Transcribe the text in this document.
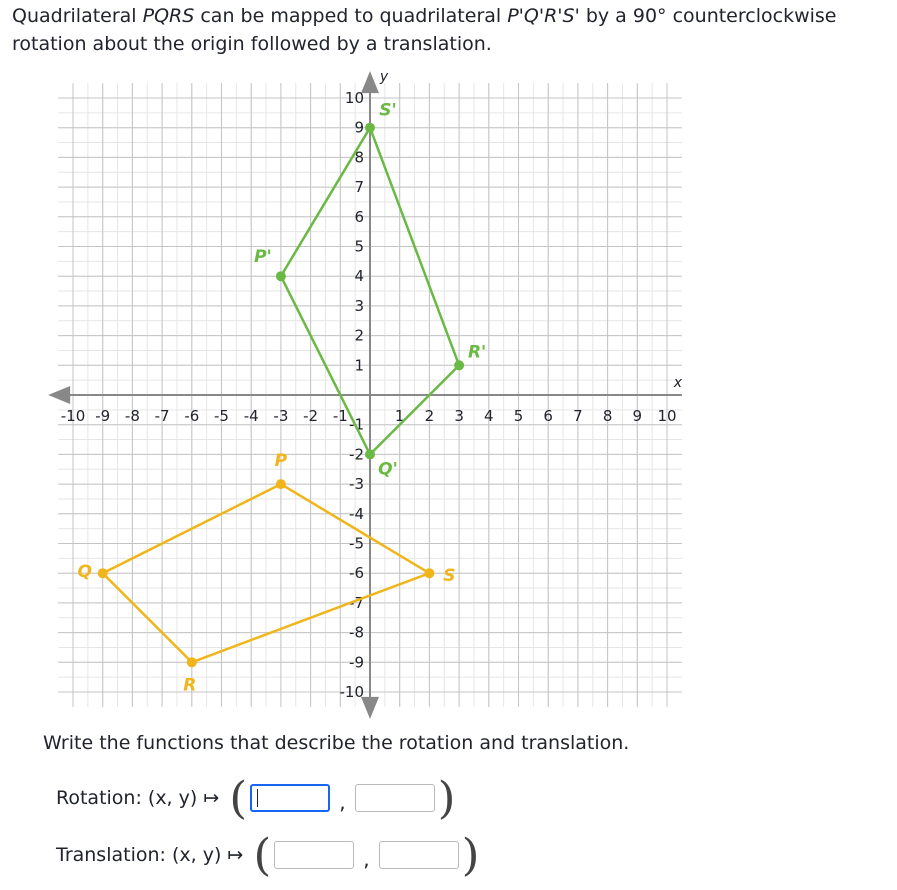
Quadrilateral PQRS can be mapped to quadrilateral P'Q'R'S' by a 90° counterclockwise rotation about the origin followed by a translation.
x
y
-10 -9 -8 -7 -6 -5 -4 -3 -2 -1	1 2 3 4 5 6 7 8 9 10
10
9
8
7
6
5
4
3
2
1
-1
-2
-3
-4
-5
-6
-7
-8
-9
-10
P
Q
R
S
P'
Q'
R'
S'
Write the functions that describe the rotation and translation.
Rotation: (x, y) ↦ (	, )
Translation: (x, y) ↦ (	, )
